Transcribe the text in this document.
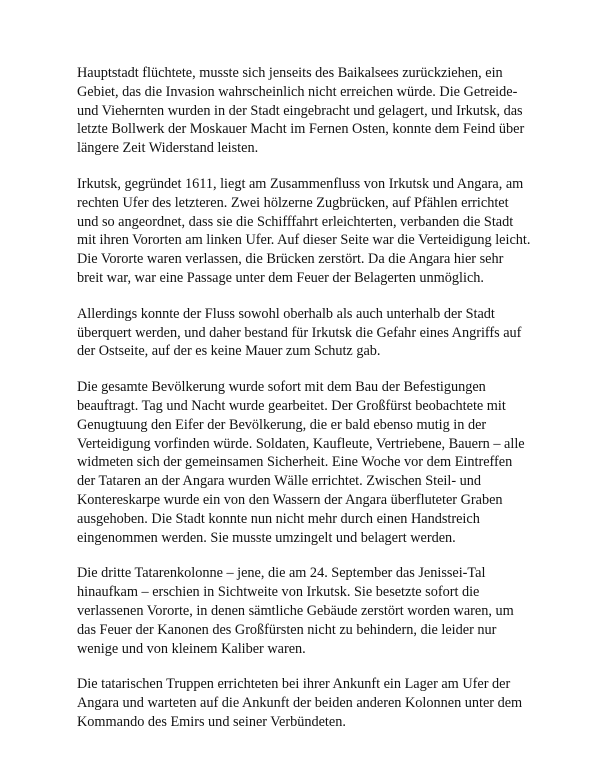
Hauptstadt flüchtete, musste sich jenseits des Baikalsees zurückziehen, ein Gebiet, das die Invasion wahrscheinlich nicht erreichen würde. Die Getreide- und Viehernten wurden in der Stadt eingebracht und gelagert, und Irkutsk, das letzte Bollwerk der Moskauer Macht im Fernen Osten, konnte dem Feind über längere Zeit Widerstand leisten.

Irkutsk, gegründet 1611, liegt am Zusammenfluss von Irkutsk und Angara, am rechten Ufer des letzteren. Zwei hölzerne Zugbrücken, auf Pfählen errichtet und so angeordnet, dass sie die Schifffahrt erleichterten, verbanden die Stadt mit ihren Vororten am linken Ufer. Auf dieser Seite war die Verteidigung leicht. Die Vororte waren verlassen, die Brücken zerstört. Da die Angara hier sehr breit war, war eine Passage unter dem Feuer der Belagerten unmöglich.

Allerdings konnte der Fluss sowohl oberhalb als auch unterhalb der Stadt überquert werden, und daher bestand für Irkutsk die Gefahr eines Angriffs auf der Ostseite, auf der es keine Mauer zum Schutz gab.

Die gesamte Bevölkerung wurde sofort mit dem Bau der Befestigungen beauftragt. Tag und Nacht wurde gearbeitet. Der Großfürst beobachtete mit Genugtuung den Eifer der Bevölkerung, die er bald ebenso mutig in der Verteidigung vorfinden würde. Soldaten, Kaufleute, Vertriebene, Bauern – alle widmeten sich der gemeinsamen Sicherheit. Eine Woche vor dem Eintreffen der Tataren an der Angara wurden Wälle errichtet. Zwischen Steil- und Kontereskarpe wurde ein von den Wassern der Angara überfluteter Graben ausgehoben. Die Stadt konnte nun nicht mehr durch einen Handstreich eingenommen werden. Sie musste umzingelt und belagert werden.

Die dritte Tatarenkolonne – jene, die am 24. September das Jenissei-Tal hinaufkam – erschien in Sichtweite von Irkutsk. Sie besetzte sofort die verlassenen Vororte, in denen sämtliche Gebäude zerstört worden waren, um das Feuer der Kanonen des Großfürsten nicht zu behindern, die leider nur wenige und von kleinem Kaliber waren.

Die tatarischen Truppen errichteten bei ihrer Ankunft ein Lager am Ufer der Angara und warteten auf die Ankunft der beiden anderen Kolonnen unter dem Kommando des Emirs und seiner Verbündeten.
